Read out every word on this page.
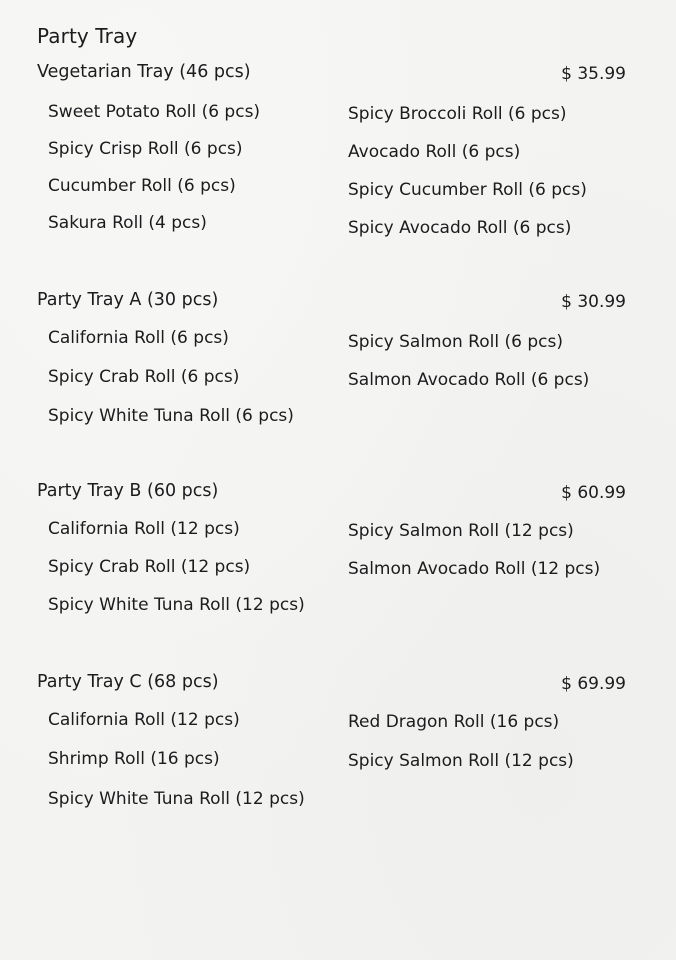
Party Tray
Vegetarian Tray (46 pcs)	$ 35.99
Sweet Potato Roll (6 pcs)
Spicy Crisp Roll (6 pcs)
Cucumber Roll (6 pcs)
Sakura Roll (4 pcs)
Spicy Broccoli Roll (6 pcs)
Avocado Roll (6 pcs)
Spicy Cucumber Roll (6 pcs)
Spicy Avocado Roll (6 pcs)
Party Tray A (30 pcs)	$ 30.99
California Roll (6 pcs)
Spicy Crab Roll (6 pcs)
Spicy White Tuna Roll (6 pcs)
Spicy Salmon Roll (6 pcs)
Salmon Avocado Roll (6 pcs)
Party Tray B (60 pcs)	$ 60.99
California Roll (12 pcs)
Spicy Crab Roll (12 pcs)
Spicy White Tuna Roll (12 pcs)
Spicy Salmon Roll (12 pcs)
Salmon Avocado Roll (12 pcs)
Party Tray C (68 pcs)	$ 69.99
California Roll (12 pcs)
Shrimp Roll (16 pcs)
Spicy White Tuna Roll (12 pcs)
Red Dragon Roll (16 pcs)
Spicy Salmon Roll (12 pcs)
